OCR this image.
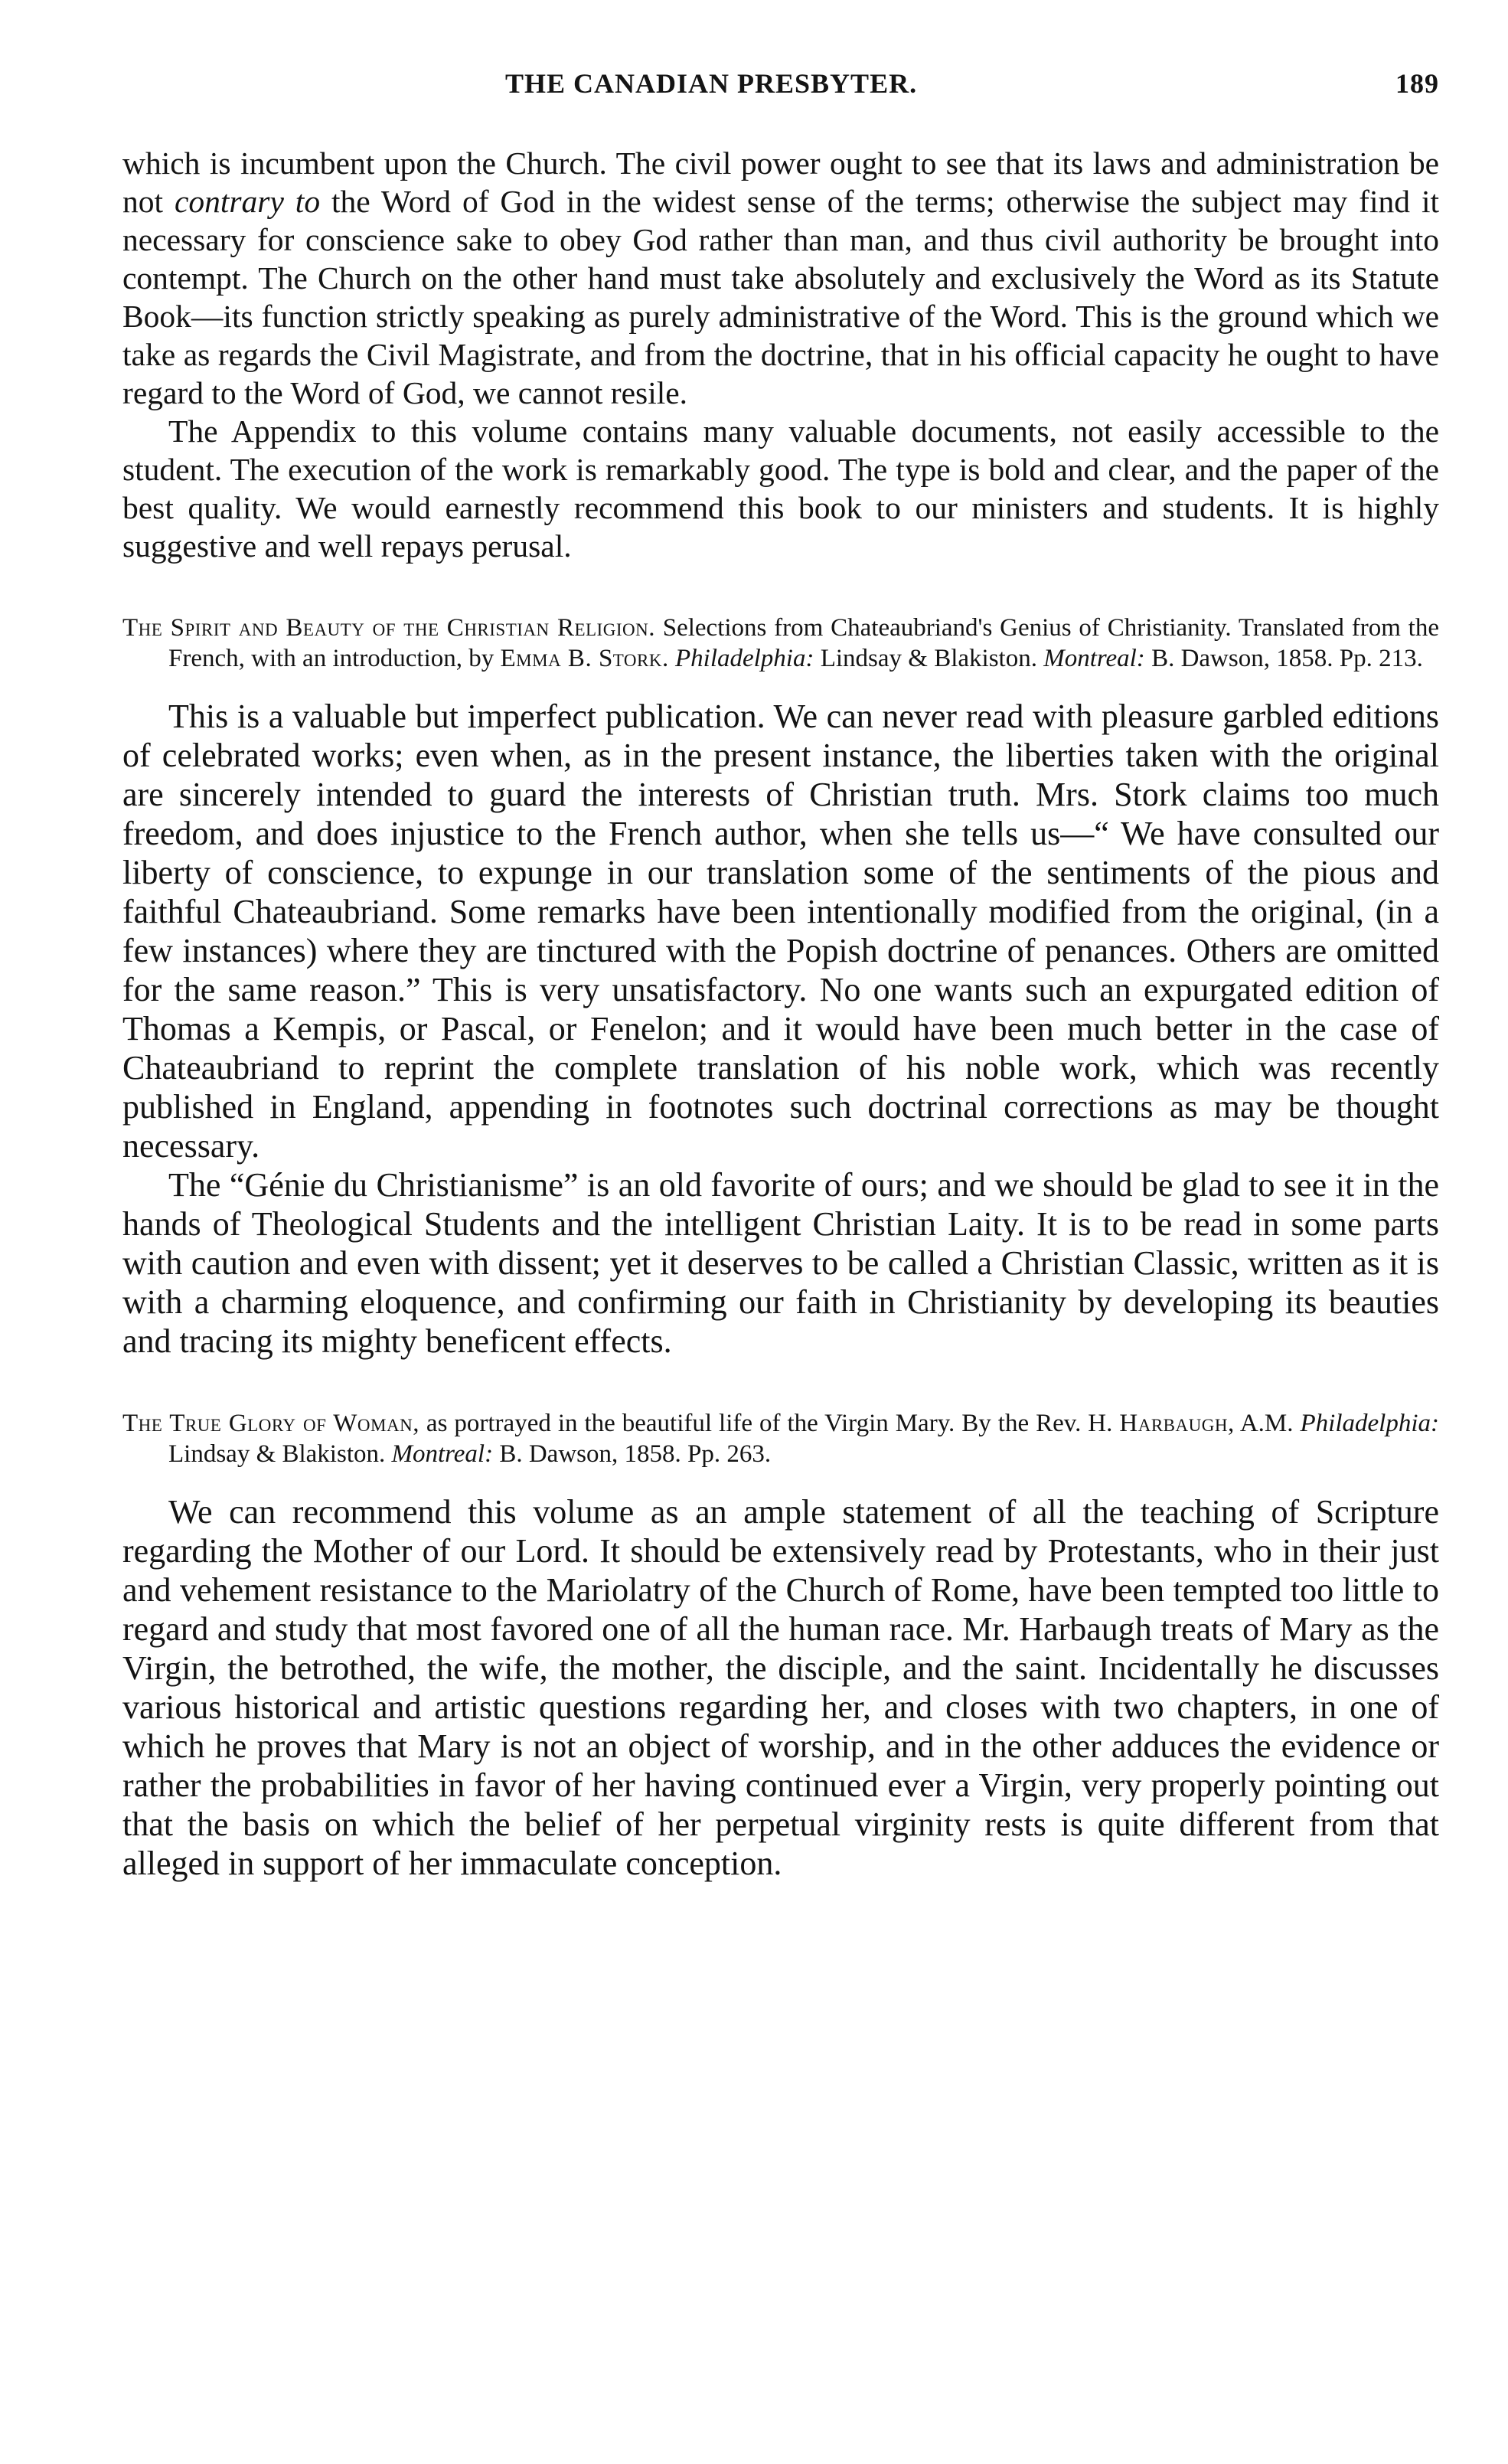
THE CANADIAN PRESBYTER.	189

which is incumbent upon the Church. The civil power ought to see that its laws and administration be not contrary to the Word of God in the widest sense of the terms; otherwise the subject may find it necessary for conscience sake to obey God rather than man, and thus civil authority be brought into contempt. The Church on the other hand must take absolutely and exclusively the Word as its Statute Book—its function strictly speaking as purely administrative of the Word. This is the ground which we take as regards the Civil Magistrate, and from the doctrine, that in his official capacity he ought to have regard to the Word of God, we cannot resile.

The Appendix to this volume contains many valuable documents, not easily accessible to the student. The execution of the work is remarkably good. The type is bold and clear, and the paper of the best quality. We would earnestly recommend this book to our ministers and students. It is highly suggestive and well repays perusal.

The Spirit and Beauty of the Christian Religion. Selections from Chateaubriand's Genius of Christianity. Translated from the French, with an introduction, by Emma B. Stork. Philadelphia: Lindsay & Blakiston. Montreal: B. Dawson, 1858. Pp. 213.

This is a valuable but imperfect publication. We can never read with pleasure garbled editions of celebrated works; even when, as in the present instance, the liberties taken with the original are sincerely intended to guard the interests of Christian truth. Mrs. Stork claims too much freedom, and does injustice to the French author, when she tells us—“ We have consulted our liberty of conscience, to expunge in our translation some of the sentiments of the pious and faithful Chateaubriand. Some remarks have been intentionally modified from the original, (in a few instances) where they are tinctured with the Popish doctrine of penances. Others are omitted for the same reason.” This is very unsatisfactory. No one wants such an expurgated edition of Thomas a Kempis, or Pascal, or Fenelon; and it would have been much better in the case of Chateaubriand to reprint the complete translation of his noble work, which was recently published in England, appending in footnotes such doctrinal corrections as may be thought necessary.

The “Génie du Christianisme” is an old favorite of ours; and we should be glad to see it in the hands of Theological Students and the intelligent Christian Laity. It is to be read in some parts with caution and even with dissent; yet it deserves to be called a Christian Classic, written as it is with a charming eloquence, and confirming our faith in Christianity by developing its beauties and tracing its mighty beneficent effects.

The True Glory of Woman, as portrayed in the beautiful life of the Virgin Mary. By the Rev. H. Harbaugh, A.M. Philadelphia: Lindsay & Blakiston. Montreal: B. Dawson, 1858. Pp. 263.

We can recommend this volume as an ample statement of all the teaching of Scripture regarding the Mother of our Lord. It should be extensively read by Protestants, who in their just and vehement resistance to the Mariolatry of the Church of Rome, have been tempted too little to regard and study that most favored one of all the human race. Mr. Harbaugh treats of Mary as the Virgin, the betrothed, the wife, the mother, the disciple, and the saint. Incidentally he discusses various historical and artistic questions regarding her, and closes with two chapters, in one of which he proves that Mary is not an object of worship, and in the other adduces the evidence or rather the probabilities in favor of her having continued ever a Virgin, very properly pointing out that the basis on which the belief of her perpetual virginity rests is quite different from that alleged in support of her immaculate conception.
